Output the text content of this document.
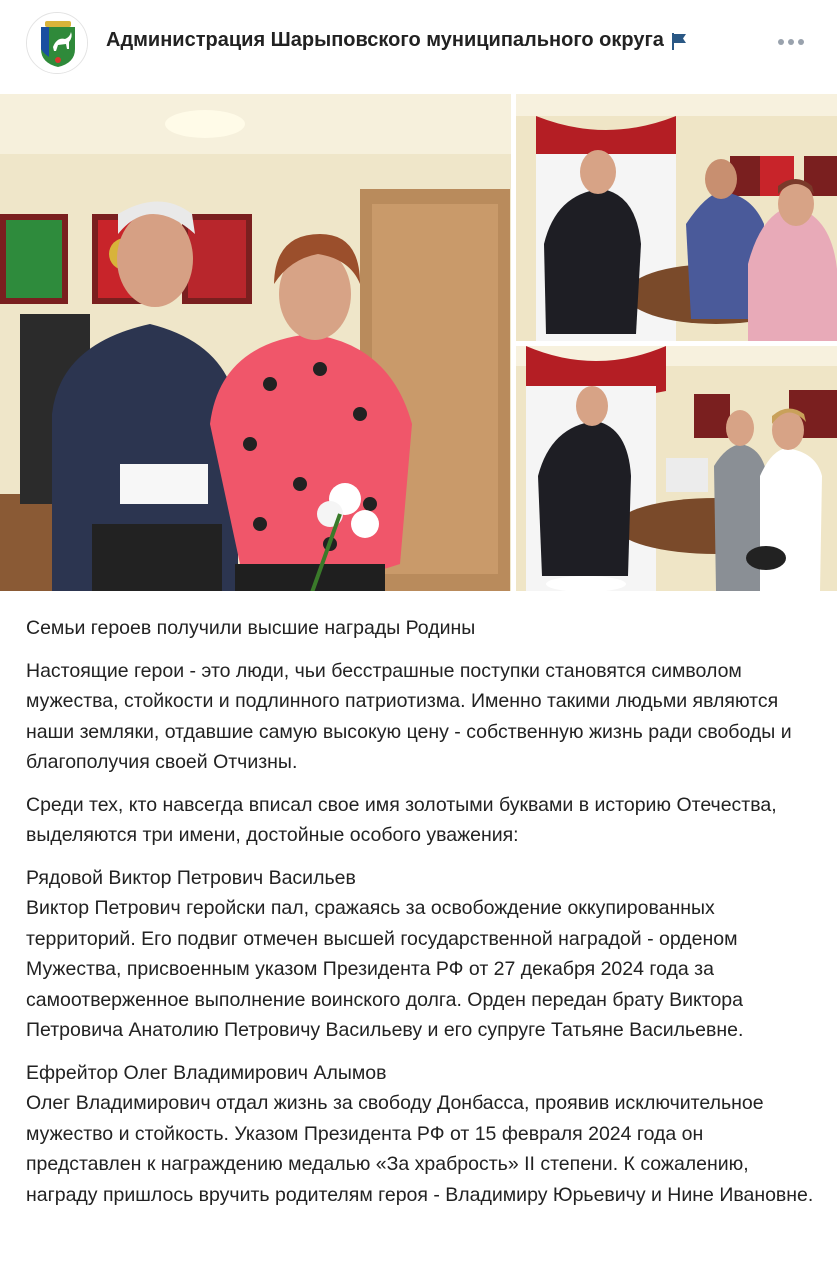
Администрация Шарыповского муниципального округа

Семьи героев получили высшие награды Родины

Настоящие герои - это люди, чьи бесстрашные поступки становятся символом мужества, стойкости и подлинного патриотизма. Именно такими людьми являются наши земляки, отдавшие самую высокую цену - собственную жизнь ради свободы и благополучия своей Отчизны.

Среди тех, кто навсегда вписал свое имя золотыми буквами в историю Отечества, выделяются три имени, достойные особого уважения:

Рядовой Виктор Петрович Васильев
Виктор Петрович геройски пал, сражаясь за освобождение оккупированных территорий. Его подвиг отмечен высшей государственной наградой - орденом Мужества, присвоенным указом Президента РФ от 27 декабря 2024 года за самоотверженное выполнение воинского долга. Орден передан брату Виктора Петровича Анатолию Петровичу Васильеву и его супруге Татьяне Васильевне.

Ефрейтор Олег Владимирович Алымов
Олег Владимирович отдал жизнь за свободу Донбасса, проявив исключительное мужество и стойкость. Указом Президента РФ от 15 февраля 2024 года он представлен к награждению медалью «За храбрость» II степени. К сожалению, награду пришлось вручить родителям героя - Владимиру Юрьевичу и Нине Ивановне.
